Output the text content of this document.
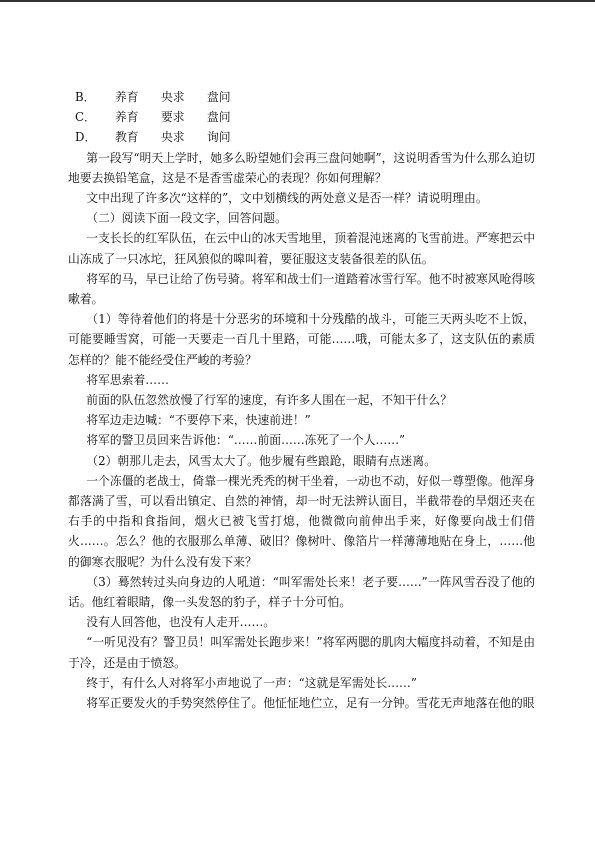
B．	养育	央求	盘问
C．	养育	要求	盘问
D．	教育	央求	询问

第一段写“明天上学时，她多么盼望她们会再三盘问她啊”，这说明香雪为什么那么迫切地要去换铅笔盒，这是不是香雪虚荣心的表现？你如何理解？

文中出现了许多次“这样的”，文中划横线的两处意义是否一样？请说明理由。

（二）阅读下面一段文字，回答问题。

一支长长的红军队伍，在云中山的冰天雪地里，顶着混沌迷离的飞雪前进。严寒把云中山冻成了一只冰坨，狂风狼似的嗥叫着，要征服这支装备很差的队伍。

将军的马，早已让给了伤号骑。将军和战士们一道踏着冰雪行军。他不时被寒风呛得咳嗽着。

（1）等待着他们的将是十分恶劣的环境和十分残酷的战斗，可能三天两头吃不上饭，可能要睡雪窝，可能一天要走一百几十里路，可能……哦，可能太多了，这支队伍的素质怎样的？能不能经受住严峻的考验？

将军思索着……

前面的队伍忽然放慢了行军的速度，有许多人围在一起，不知干什么？

将军边走边喊：“不要停下来，快速前进！”

将军的警卫员回来告诉他：“……前面……冻死了一个人……”

（2）朝那儿走去，风雪太大了。他步履有些踉跄，眼睛有点迷离。

一个冻僵的老战士，倚靠一棵光秃秃的树干坐着，一动也不动，好似一尊塑像。他浑身都落满了雪，可以看出镇定、自然的神情，却一时无法辨认面目，半截带卷的旱烟还夹在右手的中指和食指间，烟火已被飞雪打熄，他微微向前伸出手来，好像要向战士们借火……。怎么？他的衣服那么单薄、破旧？像树叶、像箔片一样薄薄地贴在身上，……他的御寒衣服呢？为什么没有发下来？

（3）蓦然转过头向身边的人吼道：“叫军需处长来！老子要……”一阵风雪吞没了他的话。他红着眼睛，像一头发怒的豹子，样子十分可怕。

没有人回答他，也没有人走开……。

“一听见没有？警卫员！叫军需处长跑步来！”将军两腮的肌肉大幅度抖动着，不知是由于冷，还是由于愤怒。

终于，有什么人对将军小声地说了一声：“这就是军需处长……”

将军正要发火的手势突然停住了。他怔怔地伫立，足有一分钟。雪花无声地落在他的眼
